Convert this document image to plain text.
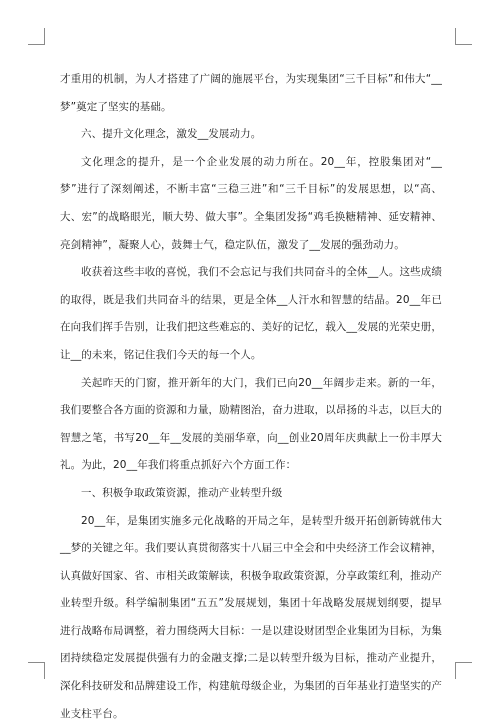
才重用的机制，为人才搭建了广阔的施展平台，为实现集团“三千目标”和伟大“__梦”奠定了坚实的基础。

六、提升文化理念，激发__发展动力。

文化理念的提升，是一个企业发展的动力所在。20__年，控股集团对“__梦”进行了深刻阐述，不断丰富“三稳三进”和“三千目标”的发展思想，以“高、大、宏”的战略眼光，顺大势、做大事”。全集团发扬“鸡毛换糖精神、延安精神、亮剑精神”，凝聚人心，鼓舞士气，稳定队伍，激发了__发展的强劲动力。

收获着这些丰收的喜悦，我们不会忘记与我们共同奋斗的全体__人。这些成绩的取得，既是我们共同奋斗的结果，更是全体__人汗水和智慧的结晶。20__年已在向我们挥手告别，让我们把这些难忘的、美好的记忆，载入__发展的光荣史册，让__的未来，铭记住我们今天的每一个人。

关起昨天的门窗，推开新年的大门，我们已向20__年阔步走来。新的一年，我们要整合各方面的资源和力量，励精图治，奋力进取，以昂扬的斗志，以巨大的智慧之笔，书写20__年__发展的美丽华章，向__创业20周年庆典献上一份丰厚大礼。为此，20__年我们将重点抓好六个方面工作：

一、积极争取政策资源，推动产业转型升级

20__年，是集团实施多元化战略的开局之年，是转型升级开拓创新铸就伟大__梦的关键之年。我们要认真贯彻落实十八届三中全会和中央经济工作会议精神，认真做好国家、省、市相关政策解读，积极争取政策资源，分享政策红利，推动产业转型升级。科学编制集团“五五”发展规划，集团十年战略发展规划纲要，提早进行战略布局调整，着力围绕两大目标：一是以建设财团型企业集团为目标，为集团持续稳定发展提供强有力的金融支撑;二是以转型升级为目标，推动产业提升，深化科技研发和品牌建设工作，构建航母级企业，为集团的百年基业打造坚实的产业支柱平台。
